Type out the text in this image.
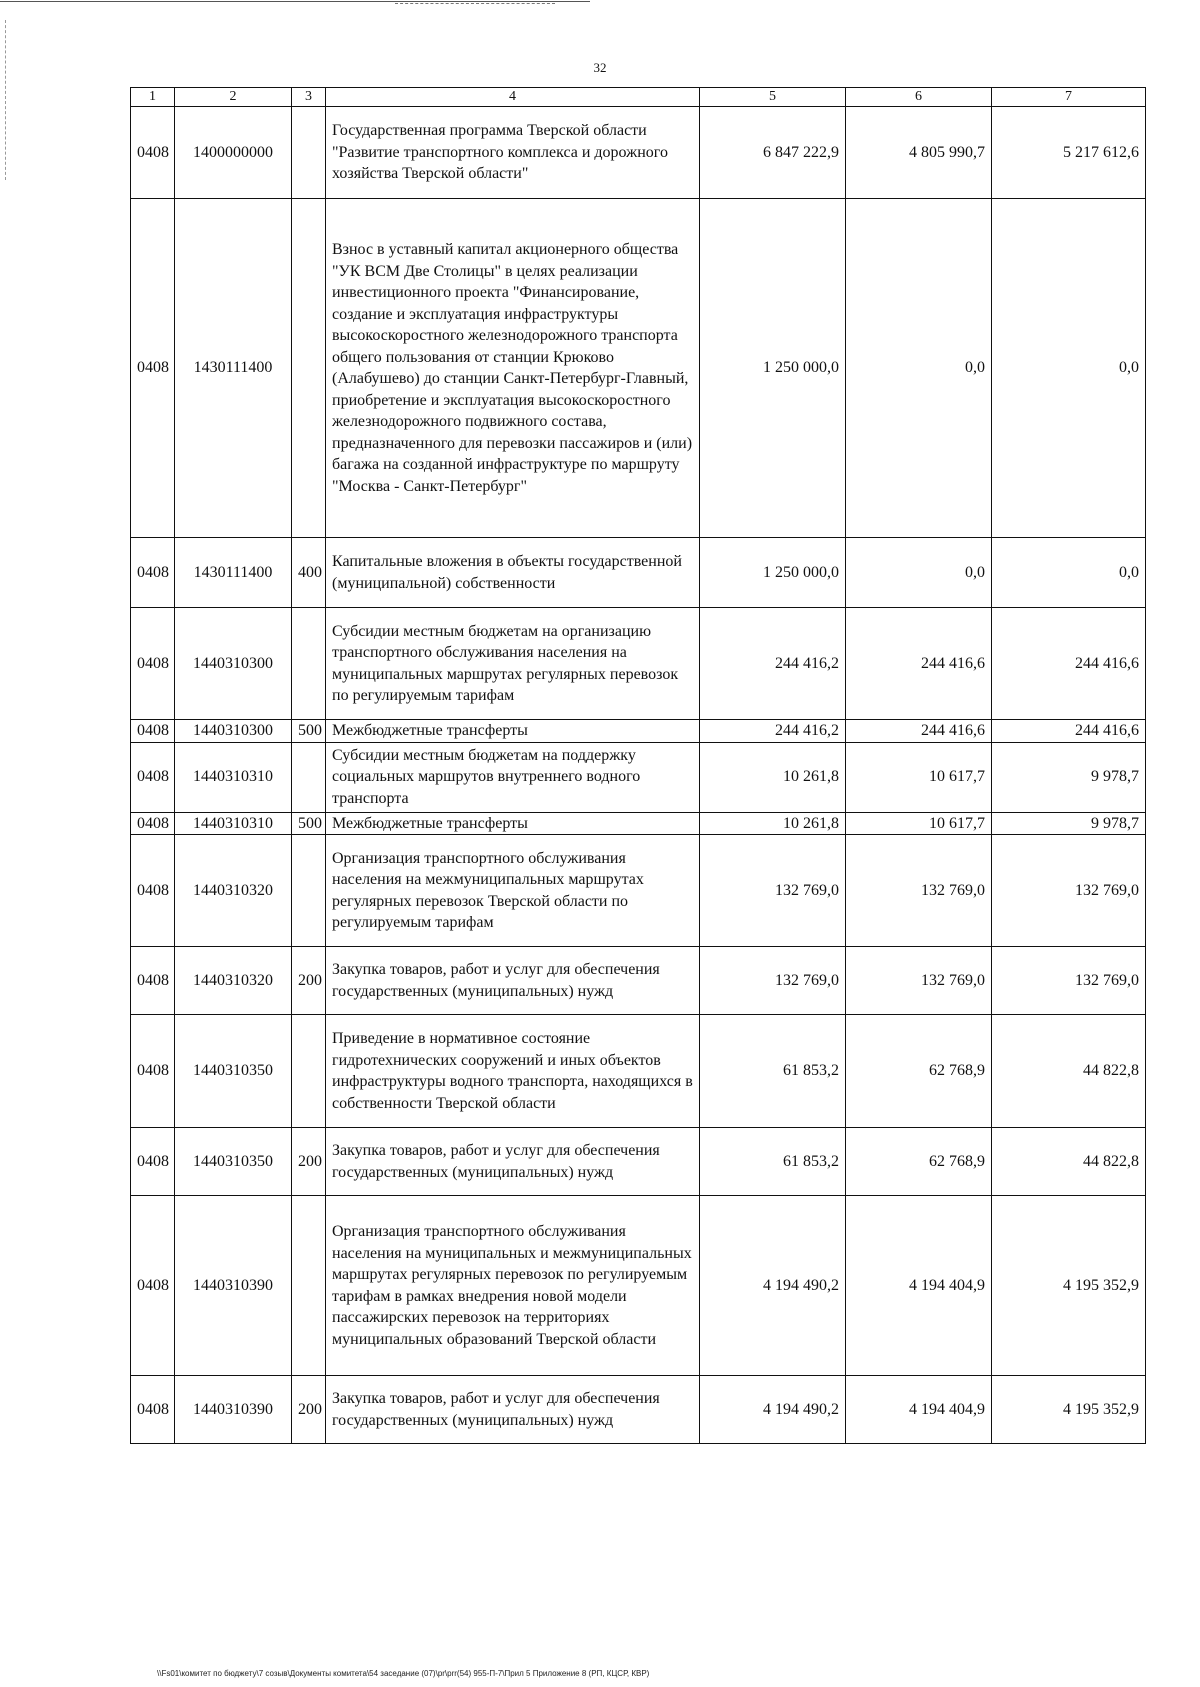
32
1	2	3	4	5	6	7
0408	1400000000		Государственная программа Тверской области "Развитие транспортного комплекса и дорожного хозяйства Тверской области"	6 847 222,9	4 805 990,7	5 217 612,6
0408	1430111400		Взнос в уставный капитал акционерного общества "УК ВСМ Две Столицы" в целях реализации инвестиционного проекта "Финансирование, создание и эксплуатация инфраструктуры высокоскоростного железнодорожного транспорта общего пользования от станции Крюково (Алабушево) до станции Санкт-Петербург-Главный, приобретение и эксплуатация высокоскоростного железнодорожного подвижного состава, предназначенного для перевозки пассажиров и (или) багажа на созданной инфраструктуре по маршруту "Москва - Санкт-Петербург"	1 250 000,0	0,0	0,0
0408	1430111400	400	Капитальные вложения в объекты государственной (муниципальной) собственности	1 250 000,0	0,0	0,0
0408	1440310300		Субсидии местным бюджетам на организацию транспортного обслуживания населения на муниципальных маршрутах регулярных перевозок по регулируемым тарифам	244 416,2	244 416,6	244 416,6
0408	1440310300	500	Межбюджетные трансферты	244 416,2	244 416,6	244 416,6
0408	1440310310		Субсидии местным бюджетам на поддержку социальных маршрутов внутреннего водного транспорта	10 261,8	10 617,7	9 978,7
0408	1440310310	500	Межбюджетные трансферты	10 261,8	10 617,7	9 978,7
0408	1440310320		Организация транспортного обслуживания населения на межмуниципальных маршрутах регулярных перевозок Тверской области по регулируемым тарифам	132 769,0	132 769,0	132 769,0
0408	1440310320	200	Закупка товаров, работ и услуг для обеспечения государственных (муниципальных) нужд	132 769,0	132 769,0	132 769,0
0408	1440310350		Приведение в нормативное состояние гидротехнических сооружений и иных объектов инфраструктуры водного транспорта, находящихся в собственности Тверской области	61 853,2	62 768,9	44 822,8
0408	1440310350	200	Закупка товаров, работ и услуг для обеспечения государственных (муниципальных) нужд	61 853,2	62 768,9	44 822,8
0408	1440310390		Организация транспортного обслуживания населения на муниципальных и межмуниципальных маршрутах регулярных перевозок по регулируемым тарифам в рамках внедрения новой модели пассажирских перевозок на территориях муниципальных образований Тверской области	4 194 490,2	4 194 404,9	4 195 352,9
0408	1440310390	200	Закупка товаров, работ и услуг для обеспечения государственных (муниципальных) нужд	4 194 490,2	4 194 404,9	4 195 352,9
\\Fs01\комитет по бюджету\7 созыв\Документы комитета\54 заседание (07)\pr\prr(54) 955-П-7\Прил 5 Приложение 8 (РП, КЦСР, КВР)
